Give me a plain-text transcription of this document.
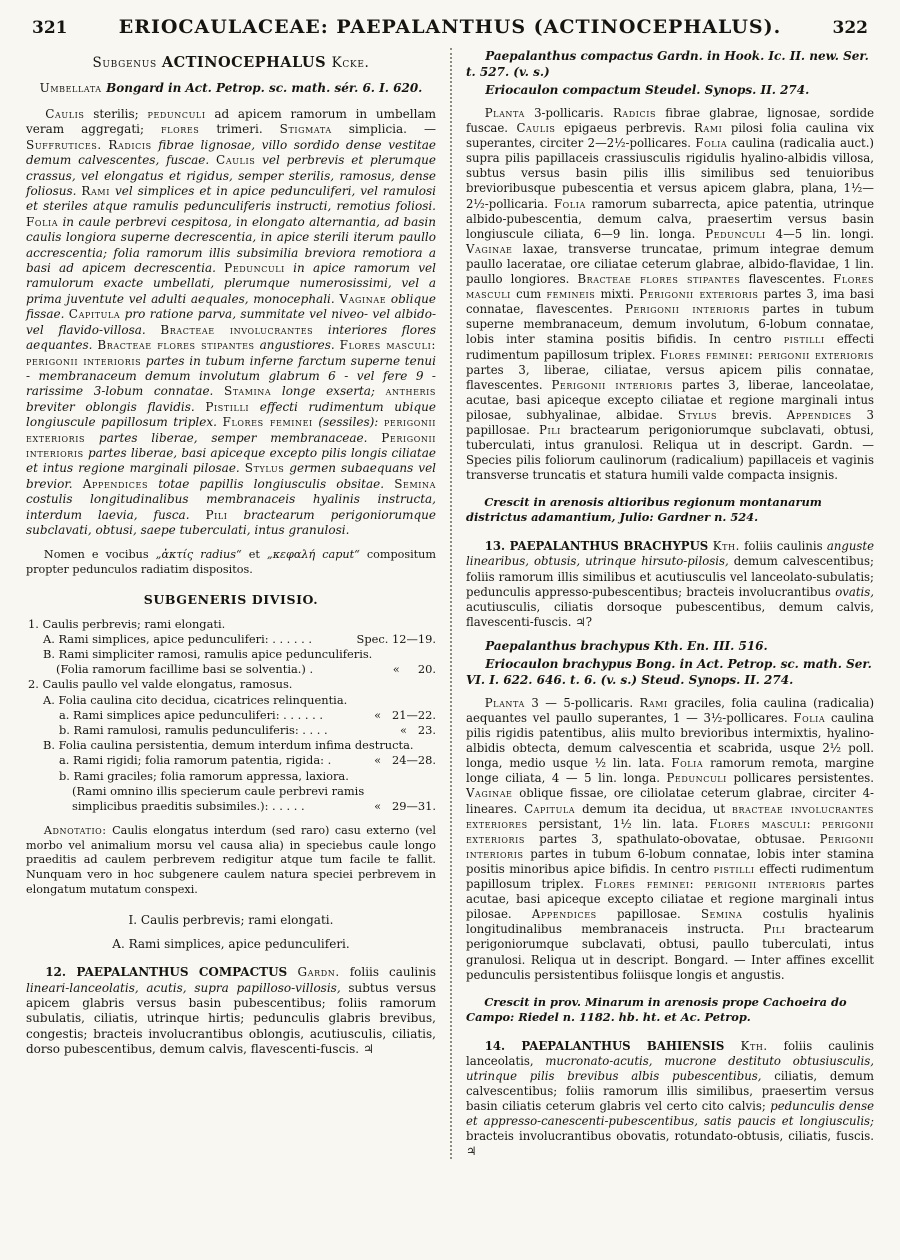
321	ERIOCAULACEAE: PAEPALANTHUS (ACTINOCEPHALUS).	322

Subgenus ACTINOCEPHALUS Kcke.

Umbellata Bongard in Act. Petrop. sc. math. sér. 6. I. 620.

Caulis sterilis; pedunculi ad apicem ramorum in umbellam veram aggregati; flores trimeri. Stigmata simplicia. — Suffrutices. Radicis fibrae lignosae, villo sordido dense vestitae demum calvescentes, fuscae. Caulis vel perbrevis et plerumque crassus, vel elongatus et rigidus, semper sterilis, ramosus, dense foliosus. Rami vel simplices et in apice pedunculiferi, vel ramulosi et steriles atque ramulis pedunculiferis instructi, remotius foliosi. Folia in caule perbrevi cespitosa, in elongato alternantia, ad basin caulis longiora superne decrescentia, in apice sterili iterum paullo accrescentia; folia ramorum illis subsimilia breviora remotiora a basi ad apicem decrescentia. Pedunculi in apice ramorum vel ramulorum exacte umbellati, plerumque numerosissimi, vel a prima juventute vel adulti aequales, monocephali. Vaginae oblique fissae. Capitula pro ratione parva, summitate vel niveo- vel albido- vel flavido-villosa. Bracteae involucrantes interiores flores aequantes. Bracteae flores stipantes angustiores. Flores masculi: perigonii interioris partes in tubum inferne farctum superne tenui - membranaceum demum involutum glabrum 6 - vel fere 9 - rarissime 3-lobum connatae. Stamina longe exserta; antheris breviter oblongis flavidis. Pistilli effecti rudimentum ubique longiuscule papillosum triplex. Flores feminei (sessiles): perigonii exterioris partes liberae, semper membranaceae. Perigonii interioris partes liberae, basi apiceque excepto pilis longis ciliatae et intus regione marginali pilosae. Stylus germen subaequans vel brevior. Appendices totae papillis longiusculis obsitae. Semina costulis longitudinalibus membranaceis hyalinis instructa, interdum laevia, fusca. Pili bractearum perigoniorumque subclavati, obtusi, saepe tuberculati, intus granulosi.

Nomen e vocibus „ἀκτίς radius“ et „κεφαλή caput“ compositum propter pedunculos radiatim dispositos.

SUBGENERIS DIVISIO.

1. Caulis perbrevis; rami elongati.
A. Rami simplices, apice pedunculiferi: . . . . . .	Spec. 12—19.
B. Rami simpliciter ramosi, ramulis apice pedunculiferis. (Folia ramorum facillime basi se solventia.) .	«     20.
2. Caulis paullo vel valde elongatus, ramosus.
A. Folia caulina cito decidua, cicatrices relinquentia.
a. Rami simplices apice pedunculiferi: . . . . . .	«   21—22.
b. Rami ramulosi, ramulis pedunculiferis: . . . .	«   23.
B. Folia caulina persistentia, demum interdum infima destructa.
a. Rami rigidi; folia ramorum patentia, rigida: .	«   24—28.
b. Rami graciles; folia ramorum appressa, laxiora. (Rami omnino illis specierum caule perbrevi ramis simplicibus praeditis subsimiles.): . . . . .	«   29—31.

Adnotatio: Caulis elongatus interdum (sed raro) casu externo (vel morbo vel animalium morsu vel causa alia) in speciebus caule longo praeditis ad caulem perbrevem redigitur atque tum facile te fallit. Nunquam vero in hoc subgenere caulem natura speciei perbrevem in elongatum mutatum conspexi.

I. Caulis perbrevis; rami elongati.

A. Rami simplices, apice pedunculiferi.

12. PAEPALANTHUS COMPACTUS Gardn. foliis caulinis lineari-lanceolatis, acutis, supra papilloso-villosis, subtus versus apicem glabris versus basin pubescentibus; foliis ramorum subulatis, ciliatis, utrinque hirtis; pedunculis glabris brevibus, congestis; bracteis involucrantibus oblongis, acutiusculis, ciliatis, dorso pubescentibus, demum calvis, flavescenti-fuscis. ♃

Paepalanthus compactus Gardn. in Hook. Ic. II. new. Ser. t. 527. (v. s.)

Eriocaulon compactum Steudel. Synops. II. 274.

Planta 3-pollicaris. Radicis fibrae glabrae, lignosae, sordide fuscae. Caulis epigaeus perbrevis. Rami pilosi folia caulina vix superantes, circiter 2—2½-pollicares. Folia caulina (radicalia auct.) supra pilis papillaceis crassiusculis rigidulis hyalino-albidis villosa, subtus versus basin pilis illis similibus sed tenuioribus brevioribusque pubescentia et versus apicem glabra, plana, 1½—2½-pollicaria. Folia ramorum subarrecta, apice patentia, utrinque albido-pubescentia, demum calva, praesertim versus basin longiuscule ciliata, 6—9 lin. longa. Pedunculi 4—5 lin. longi. Vaginae laxae, transverse truncatae, primum integrae demum paullo laceratae, ore ciliatae ceterum glabrae, albido-flavidae, 1 lin. paullo longiores. Bracteae flores stipantes flavescentes. Flores masculi cum femineis mixti. Perigonii exterioris partes 3, ima basi connatae, flavescentes. Perigonii interioris partes in tubum superne membranaceum, demum involutum, 6-lobum connatae, lobis inter stamina positis bifidis. In centro pistilli effecti rudimentum papillosum triplex. Flores feminei: perigonii exterioris partes 3, liberae, ciliatae, versus apicem pilis connatae, flavescentes. Perigonii interioris partes 3, liberae, lanceolatae, acutae, basi apiceque excepto ciliatae et regione marginali intus pilosae, subhyalinae, albidae. Stylus brevis. Appendices 3 papillosae. Pili bractearum perigoniorumque subclavati, obtusi, tuberculati, intus granulosi. Reliqua ut in descript. Gardn. — Species pilis foliorum caulinorum (radicalium) papillaceis et vaginis transverse truncatis et statura humili valde compacta insignis.

Crescit in arenosis altioribus regionum montanarum districtus adamantium, Julio: Gardner n. 524.

13. PAEPALANTHUS BRACHYPUS Kth. foliis caulinis anguste linearibus, obtusis, utrinque hirsuto-pilosis, demum calvescentibus; foliis ramorum illis similibus et acutiusculis vel lanceolato-subulatis; pedunculis appresso-pubescentibus; bracteis involucrantibus ovatis, acutiusculis, ciliatis dorsoque pubescentibus, demum calvis, flavescenti-fuscis. ♃?

Paepalanthus brachypus Kth. En. III. 516.

Eriocaulon brachypus Bong. in Act. Petrop. sc. math. Ser. VI. I. 622. 646. t. 6. (v. s.) Steud. Synops. II. 274.

Planta 3 — 5-pollicaris. Rami graciles, folia caulina (radicalia) aequantes vel paullo superantes, 1 — 3½-pollicares. Folia caulina pilis rigidis patentibus, aliis multo brevioribus intermixtis, hyalino-albidis obtecta, demum calvescentia et scabrida, usque 2½ poll. longa, medio usque ½ lin. lata. Folia ramorum remota, margine longe ciliata, 4 — 5 lin. longa. Pedunculi pollicares persistentes. Vaginae oblique fissae, ore ciliolatae ceterum glabrae, circiter 4-lineares. Capitula demum ita decidua, ut bracteae involucrantes exteriores persistant, 1½ lin. lata. Flores masculi: perigonii exterioris partes 3, spathulato-obovatae, obtusae. Perigonii interioris partes in tubum 6-lobum connatae, lobis inter stamina positis minoribus apice bifidis. In centro pistilli effecti rudimentum papillosum triplex. Flores feminei: perigonii interioris partes acutae, basi apiceque excepto ciliatae et regione marginali intus pilosae. Appendices papillosae. Semina costulis hyalinis longitudinalibus membranaceis instructa. Pili bractearum perigoniorumque subclavati, obtusi, paullo tuberculati, intus granulosi. Reliqua ut in descript. Bongard. — Inter affines excellit pedunculis persistentibus foliisque longis et angustis.

Crescit in prov. Minarum in arenosis prope Cachoeira do Campo: Riedel n. 1182. hb. ht. et Ac. Petrop.

14. PAEPALANTHUS BAHIENSIS Kth. foliis caulinis lanceolatis, mucronato-acutis, mucrone destituto obtusiusculis, utrinque pilis brevibus albis pubescentibus, ciliatis, demum calvescentibus; foliis ramorum illis similibus, praesertim versus basin ciliatis ceterum glabris vel certo cito calvis; pedunculis dense et appresso-canescenti-pubescentibus, satis paucis et longiusculis; bracteis involucrantibus obovatis, rotundato-obtusis, ciliatis, fuscis. ♃
